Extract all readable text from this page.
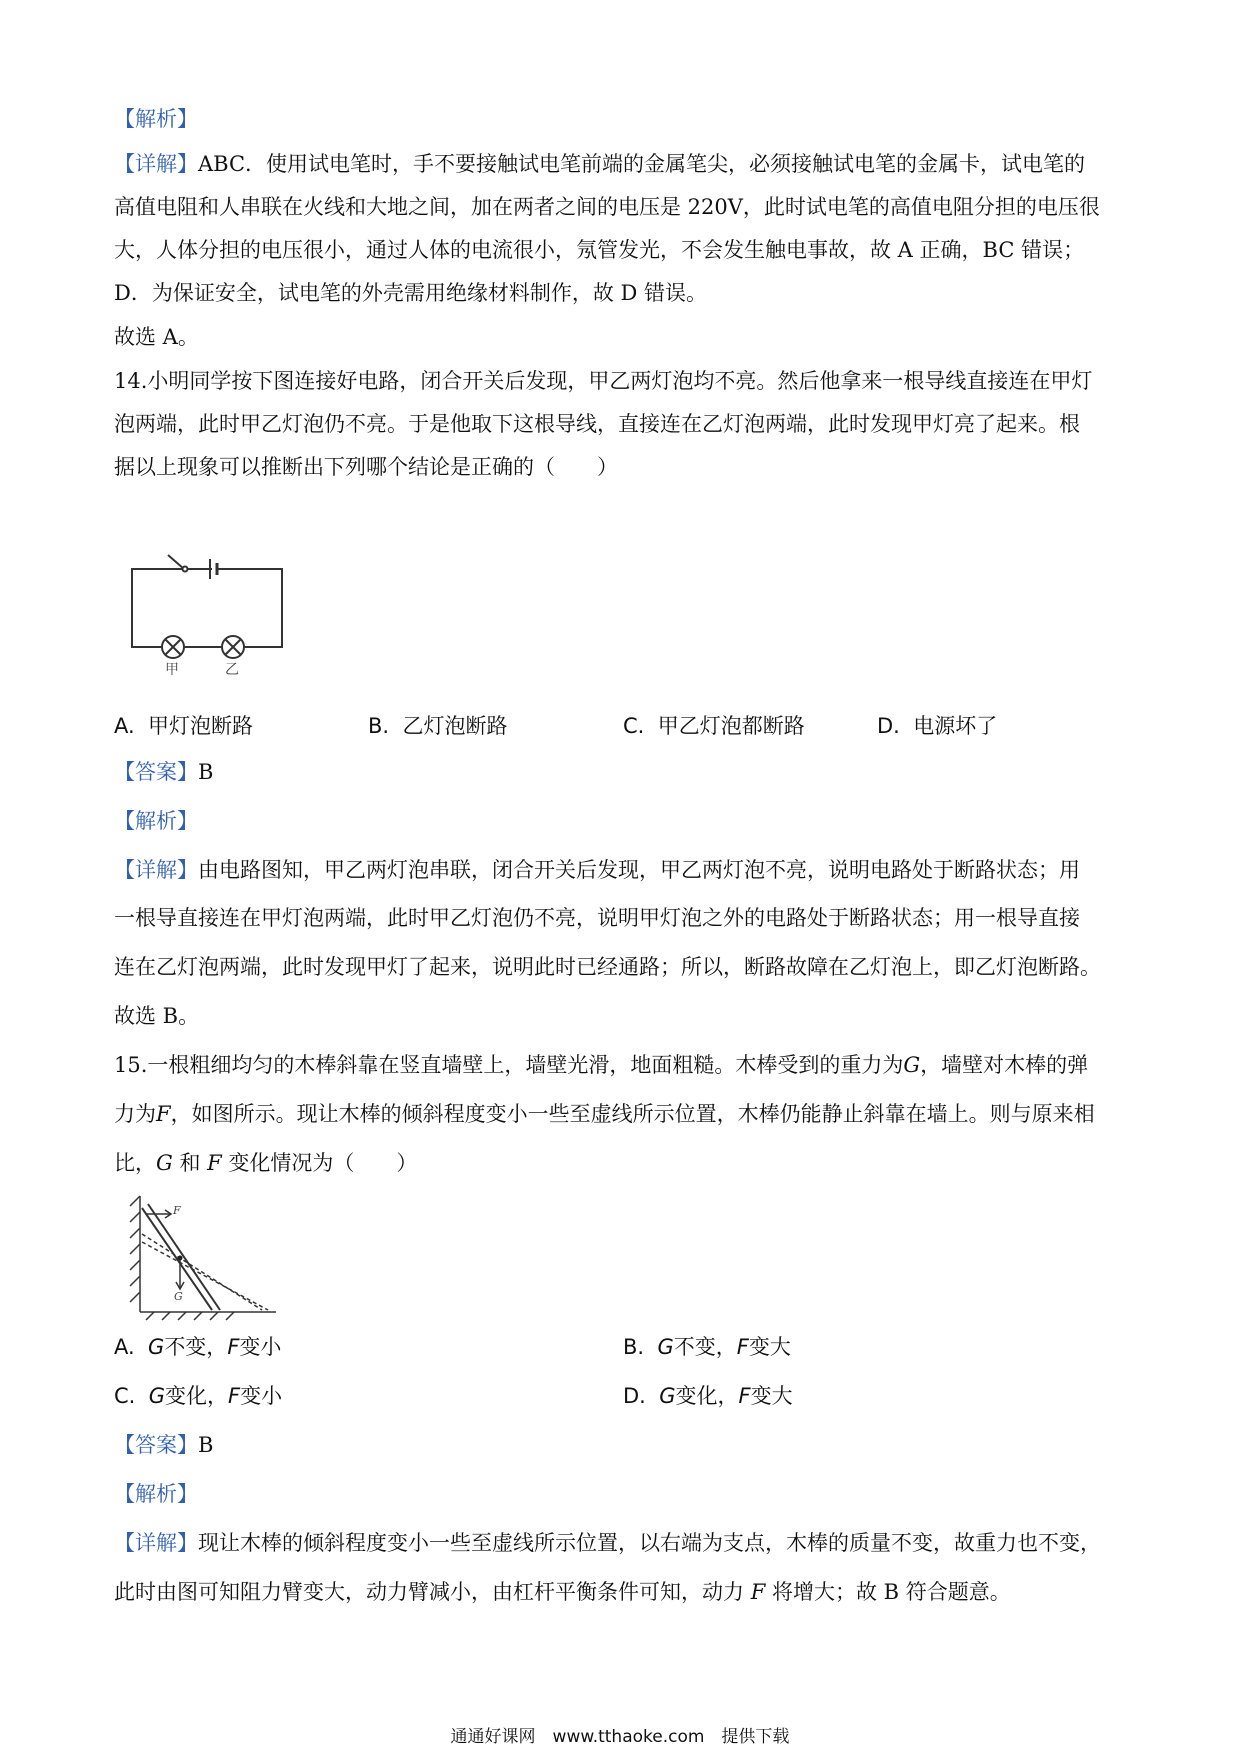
【解析】
【详解】ABC．使用试电笔时，手不要接触试电笔前端的金属笔尖，必须接触试电笔的金属卡，试电笔的
高值电阻和人串联在火线和大地之间，加在两者之间的电压是 220V，此时试电笔的高值电阻分担的电压很
大，人体分担的电压很小，通过人体的电流很小，氖管发光，不会发生触电事故，故 A 正确，BC 错误；
D．为保证安全，试电笔的外壳需用绝缘材料制作，故 D 错误。
故选 A。
14.小明同学按下图连接好电路，闭合开关后发现，甲乙两灯泡均不亮。然后他拿来一根导线直接连在甲灯
泡两端，此时甲乙灯泡仍不亮。于是他取下这根导线，直接连在乙灯泡两端，此时发现甲灯亮了起来。根
据以上现象可以推断出下列哪个结论是正确的（　　）
甲	乙
A. 甲灯泡断路	B. 乙灯泡断路	C. 甲乙灯泡都断路	D. 电源坏了
【答案】B
【解析】
【详解】由电路图知，甲乙两灯泡串联，闭合开关后发现，甲乙两灯泡不亮，说明电路处于断路状态；用
一根导直接连在甲灯泡两端，此时甲乙灯泡仍不亮，说明甲灯泡之外的电路处于断路状态；用一根导直接
连在乙灯泡两端，此时发现甲灯了起来，说明此时已经通路；所以，断路故障在乙灯泡上，即乙灯泡断路。
故选 B。
15.一根粗细均匀的木棒斜靠在竖直墙壁上，墙壁光滑，地面粗糙。木棒受到的重力为G，墙壁对木棒的弹
力为F，如图所示。现让木棒的倾斜程度变小一些至虚线所示位置，木棒仍能静止斜靠在墙上。则与原来相
比，G 和 F 变化情况为（　　）
F
G
A. G不变，F变小	B. G不变，F变大
C. G变化，F变小	D. G变化，F变大
【答案】B
【解析】
【详解】现让木棒的倾斜程度变小一些至虚线所示位置，以右端为支点，木棒的质量不变，故重力也不变，
此时由图可知阻力臂变大，动力臂减小，由杠杆平衡条件可知，动力 F 将增大；故 B 符合题意。
通通好课网　www.tthaoke.com　提供下载
